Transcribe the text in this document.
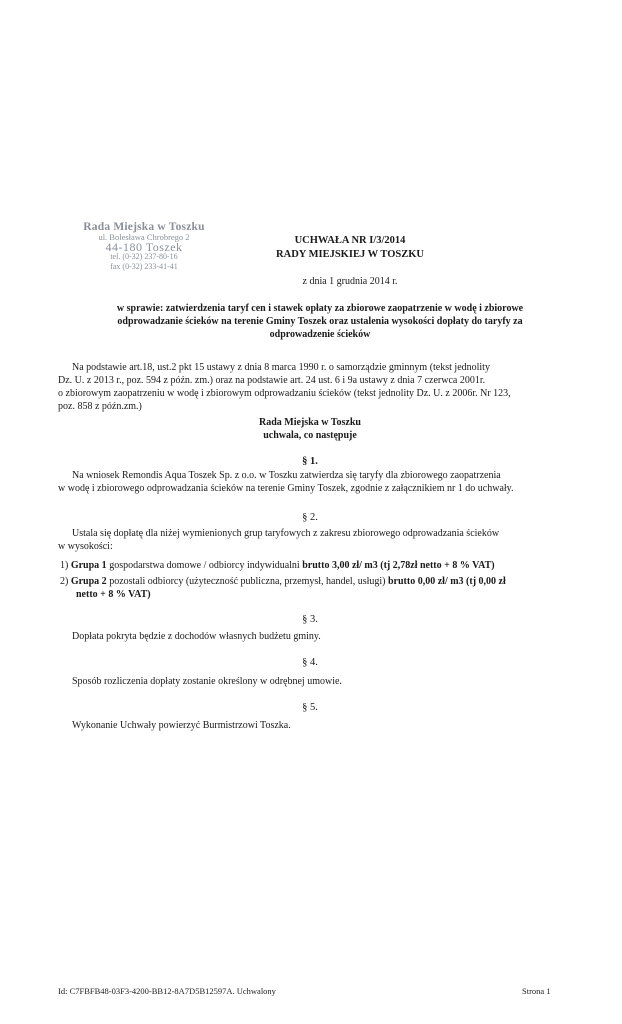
Rada Miejska w Toszku
ul. Bolesława Chrobrego 2
44-180 Toszek
tel. (0-32) 237-80-16
fax (0-32) 233-41-41
UCHWAŁA NR I/3/2014
RADY MIEJSKIEJ W TOSZKU
z dnia 1 grudnia 2014 r.
w sprawie: zatwierdzenia taryf cen i stawek opłaty za zbiorowe zaopatrzenie w wodę i zbiorowe
odprowadzanie ścieków na terenie Gminy Toszek oraz ustalenia wysokości dopłaty do taryfy za
odprowadzenie ścieków
Na podstawie art.18, ust.2 pkt 15 ustawy z dnia 8 marca 1990 r. o samorządzie gminnym (tekst jednolity
Dz. U. z 2013 r., poz. 594 z późn. zm.) oraz na podstawie art. 24 ust. 6 i 9a ustawy z dnia 7 czerwca 2001r.
o zbiorowym zaopatrzeniu w wodę i zbiorowym odprowadzaniu ścieków (tekst jednolity Dz. U. z 2006r. Nr 123,
poz. 858 z późn.zm.)
Rada Miejska w Toszku
uchwala, co następuje
§ 1.
Na wniosek Remondis Aqua Toszek Sp. z o.o. w Toszku zatwierdza się taryfy dla zbiorowego zaopatrzenia
w wodę i zbiorowego odprowadzania ścieków na terenie Gminy Toszek, zgodnie z załącznikiem nr 1 do uchwały.
§ 2.
Ustala się dopłatę dla niżej wymienionych grup taryfowych z zakresu zbiorowego odprowadzania ścieków
w wysokości:
1) Grupa 1 gospodarstwa domowe / odbiorcy indywidualni brutto 3,00 zł/ m3 (tj 2,78zł netto + 8 % VAT)
2) Grupa 2 pozostali odbiorcy (użyteczność publiczna, przemysł, handel, usługi) brutto 0,00 zł/ m3 (tj 0,00 zł
netto + 8 % VAT)
§ 3.
Dopłata pokryta będzie z dochodów własnych budżetu gminy.
§ 4.
Sposób rozliczenia dopłaty zostanie określony w odrębnej umowie.
§ 5.
Wykonanie Uchwały powierzyć Burmistrzowi Toszka.
Id: C7FBFB48-03F3-4200-BB12-8A7D5B12597A. Uchwalony	Strona 1
